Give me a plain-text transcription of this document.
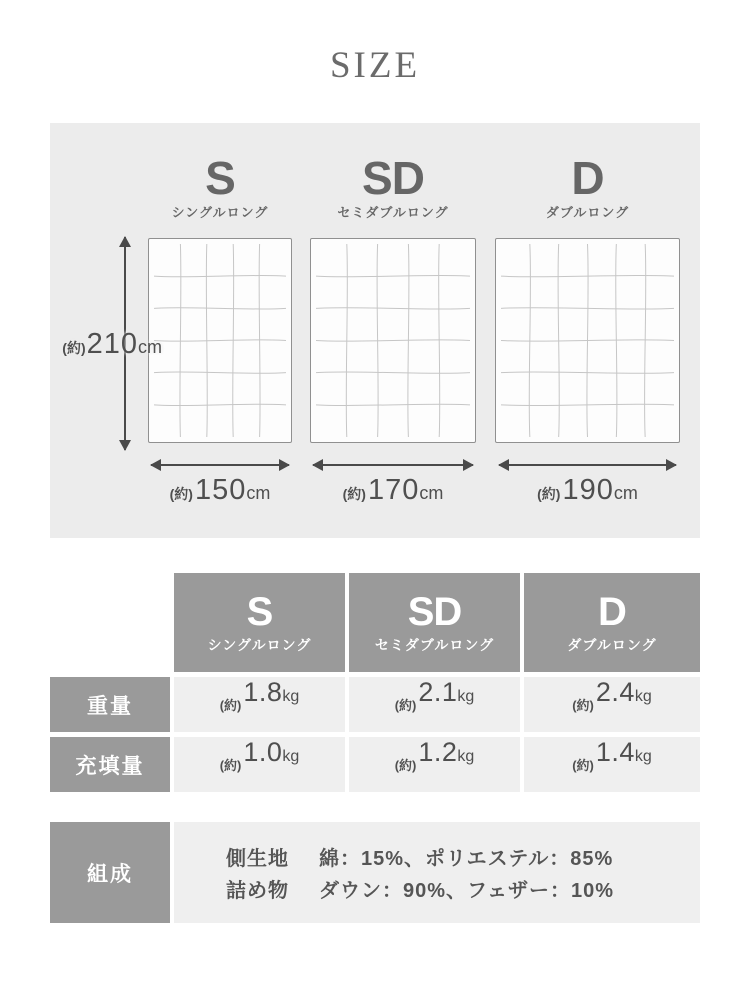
SIZE
S
シングルロング
(約) 150 cm
SD
セミダブルロング
(約) 170 cm
D
ダブルロング
(約) 190 cm
(約) 210 cm
S
シングルロング
SD
セミダブルロング
D
ダブルロング
重量	(約) 1.8 kg
(約) 2.1 kg
(約) 2.4 kg
充填量	(約) 1.0 kg
(約) 1.2 kg
(約) 1.4 kg
組成
側生地 綿：15%、ポリエステル：85%
詰め物 ダウン：90%、フェザー：10%
